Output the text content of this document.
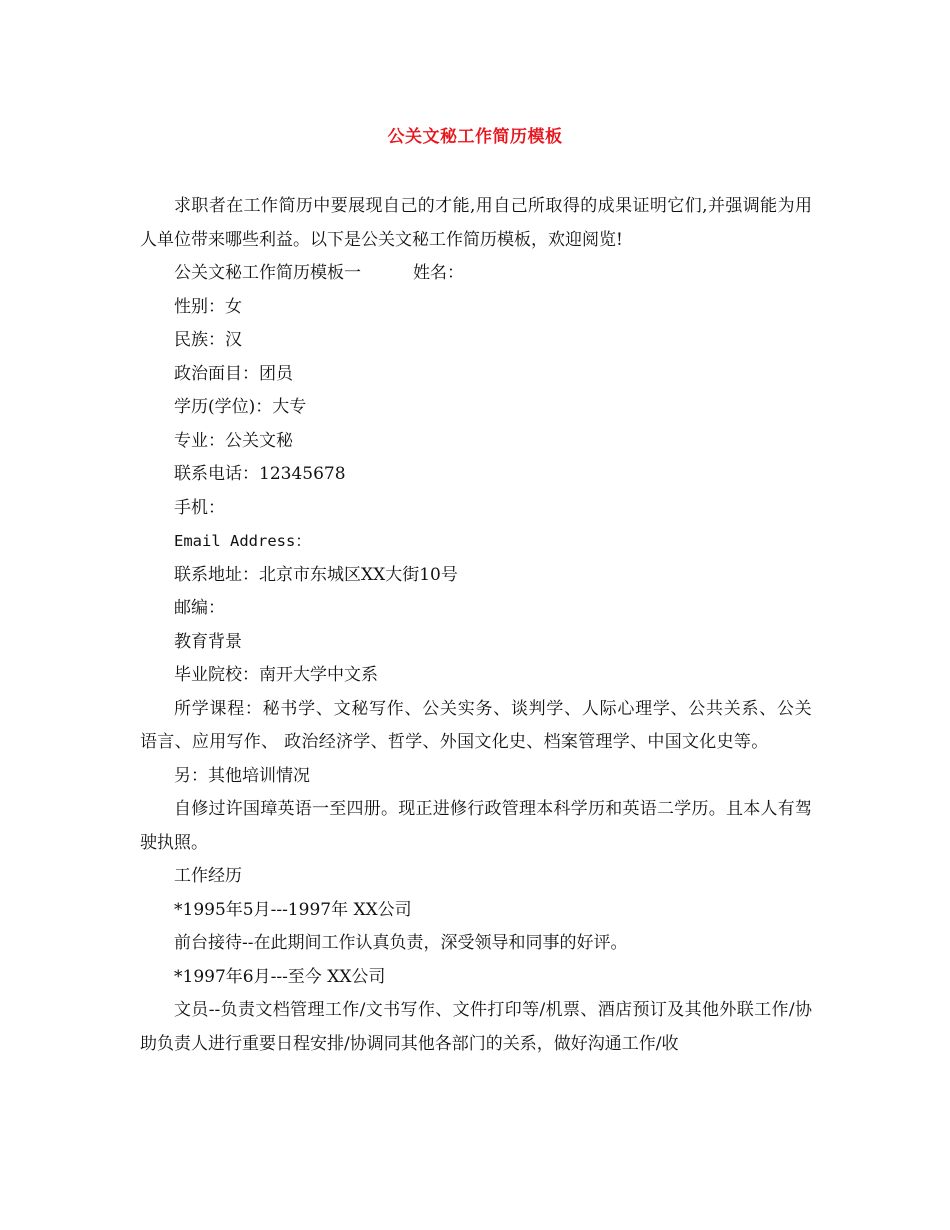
公关文秘工作简历模板

求职者在工作简历中要展现自己的才能,用自己所取得的成果证明它们,并强调能为用人单位带来哪些利益。以下是公关文秘工作简历模板，欢迎阅览!

公关文秘工作简历模板一	姓名：

性别：女

民族：汉

政治面目：团员

学历(学位)：大专

专业：公关文秘

联系电话：12345678

手机：

Email Address：

联系地址：北京市东城区XX大街10号

邮编：

教育背景

毕业院校：南开大学中文系

所学课程：秘书学、文秘写作、公关实务、谈判学、人际心理学、公共关系、公关语言、应用写作、 政治经济学、哲学、外国文化史、档案管理学、中国文化史等。

另：其他培训情况

自修过许国璋英语一至四册。现正进修行政管理本科学历和英语二学历。且本人有驾驶执照。

工作经历

*1995年5月---1997年 XX公司

前台接待--在此期间工作认真负责，深受领导和同事的好评。

*1997年6月---至今 XX公司

文员--负责文档管理工作/文书写作、文件打印等/机票、酒店预订及其他外联工作/协助负责人进行重要日程安排/协调同其他各部门的关系，做好沟通工作/收
